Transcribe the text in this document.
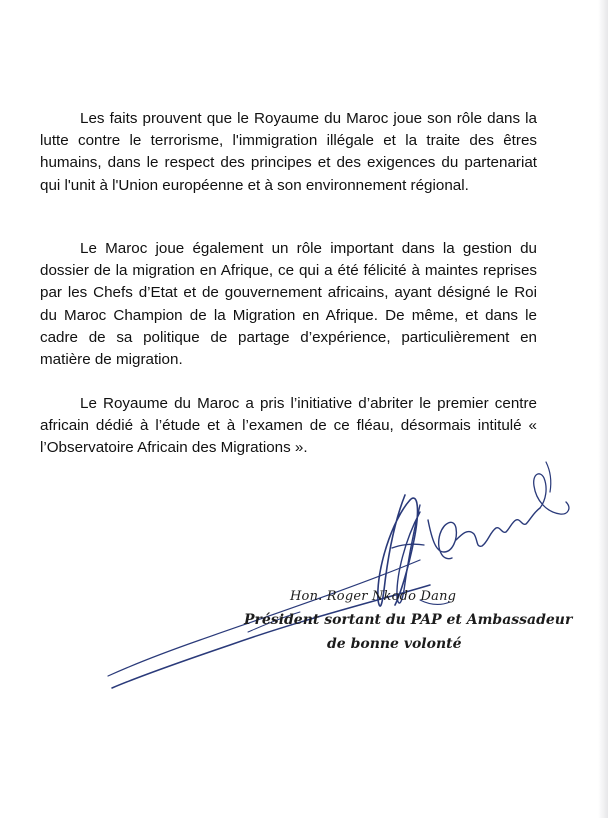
Les faits prouvent que le Royaume du Maroc joue son rôle dans la lutte contre le terrorisme, l'immigration illégale et la traite des êtres humains, dans le respect des principes et des exigences du partenariat qui l'unit à l'Union européenne et à son environnement régional.

Le Maroc joue également un rôle important dans la gestion du dossier de la migration en Afrique, ce qui a été félicité à maintes reprises par les Chefs d’Etat et de gouvernement africains, ayant désigné le Roi du Maroc Champion de la Migration en Afrique. De même, et dans le cadre de sa politique de partage d’expérience, particulièrement en matière de migration.

Le Royaume du Maroc a pris l’initiative d’abriter le premier centre africain dédié à l’étude et à l’examen de ce fléau, désormais intitulé « l’Observatoire Africain des Migrations ».

Hon. Roger Nkodo Dang
Président sortant du PAP et Ambassadeur
de bonne volonté
